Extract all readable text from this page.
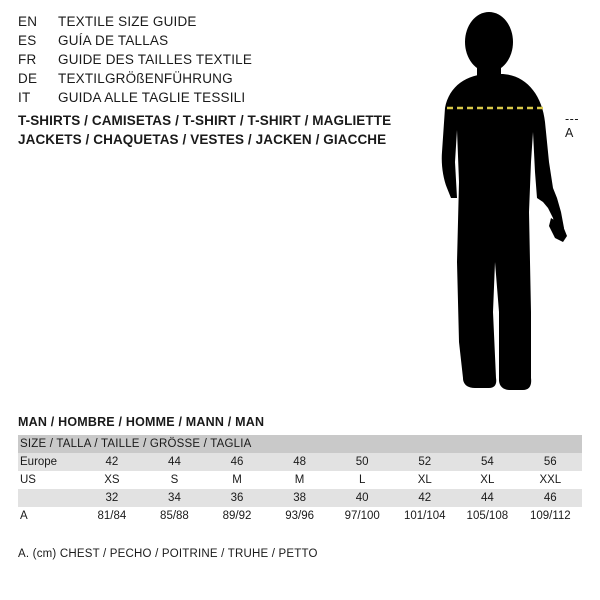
EN	TEXTILE SIZE GUIDE
ES	GUÍA DE TALLAS
FR	GUIDE DES TAILLES TEXTILE
DE	TEXTILGRÖßENFÜHRUNG
IT	GUIDA ALLE TAGLIE TESSILI
T-SHIRTS / CAMISETAS / T-SHIRT / T-SHIRT / MAGLIETTE
JACKETS / CHAQUETAS / VESTES / JACKEN / GIACCHE
--- A
MAN / HOMBRE / HOMME / MANN / MAN
SIZE / TALLA / TAILLE / GRÖSSE / TAGLIA								
Europe	42	44	46	48	50	52	54	56
US	XS	S	M	M	L	XL	XL	XXL
	32	34	36	38	40	42	44	46
A	81/84	85/88	89/92	93/96	97/100	101/104	105/108	109/112
A. (cm) CHEST / PECHO / POITRINE / TRUHE / PETTO
